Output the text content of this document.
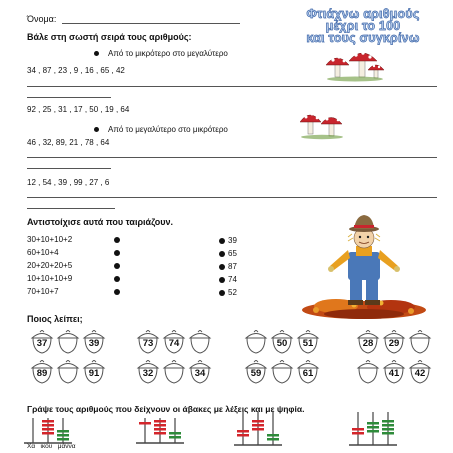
Όνομα:	Φτιάχνω αριθμούς
μέχρι το 100
και τους συγκρίνω
Βάλε στη σωστή σειρά τους αριθμούς:
Από το μικρότερο στο μεγαλύτερο
34 , 87 , 23 , 9 , 16 , 65 , 42
92 , 25 , 31 , 17 , 50 , 19 , 64
Από το μεγαλύτερο στο μικρότερο
46 , 32, 89, 21 , 78 , 64
12 , 54 , 39 , 99 , 27 , 6
Αντιστοίχισε αυτά που ταιριάζουν.
30+10+10+2
60+10+4
20+20+20+5
10+10+10+9
70+10+7
39
65
87
74
52
Ποιος λείπει;
37	39
89	91
73	74
32	34
50	51
59	61
28	29
41	42
Γράψε τους αριθμούς που δείχνουν οι άβακες με λέξεις και με ψηφία.
Χα   ικου   μάννα
